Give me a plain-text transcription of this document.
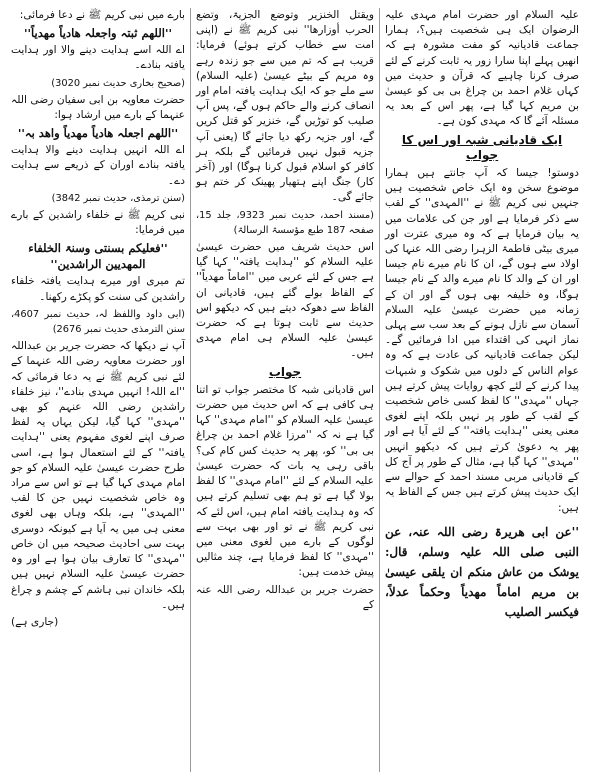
علیہ السلام اور حضرت امام مہدی علیہ الرضوان ایک ہی شخصیت ہیں؟، ہمارا جماعت قادیانیہ کو مفت مشورہ ہے کہ انھیں پہلے اپنا سارا زور یہ ثابت کرنے کے لئے صرف کرنا چاہیے کہ قرآن و حدیث میں کہاں غلام احمد بن چراغ بی بی کو عیسیٰ بن مریم کہا گیا ہے، پھر اس کے بعد یہ مسئلہ آئے گا کہ مہدی کون ہے۔

ایک قادیانی شبہ اور اس کا جواب

دوستو! جیسا کہ آپ جانتے ہیں ہمارا موضوع سخن وہ ایک خاص شخصیت ہیں جنہیں نبی کریم ﷺ نے ''المہدی'' کے لقب سے ذکر فرمایا ہے اور جن کی علامات میں یہ بیان فرمایا ہے کہ وہ میری عترت اور میری بیٹی فاطمۃ الزہرا رضی اللہ عنہا کی اولاد سے ہوں گے، ان کا نام میرے نام جیسا اور ان کے والد کا نام میرے والد کے نام جیسا ہوگا، وہ خلیفہ بھی ہوں گے اور ان کے زمانہ میں حضرت عیسیٰ علیہ السلام آسمان سے نازل ہونے کے بعد سب سے پہلی نماز انہی کی اقتداء میں ادا فرمائیں گے۔ لیکن جماعت قادیانیہ کی عادت ہے کہ وہ عوام الناس کے دلوں میں شکوک و شبہات پیدا کرنے کے لئے کچھ روایات پیش کرتے ہیں جہاں ''مہدی'' کا لفظ کسی خاص شخصیت کے لقب کے طور پر نہیں بلکہ اپنے لغوی معنی یعنی ''ہدایت یافتہ'' کے لئے آیا ہے اور پھر یہ دعویٰ کرتے ہیں کہ دیکھو انہیں ''مہدی'' کہا گیا ہے، مثال کے طور پر آج کل کے قادیانی مربی مسند احمد کے حوالے سے ایک حدیث پیش کرتے ہیں جس کے الفاظ یہ ہیں:

''عن ابی ھریرۃ رضی اللہ عنہ، عن النبی صلی اللہ علیہ وسلم، قال: یوشک من عاش منکم ان یلقی عیسیٰ بن مریم اماماً مھدیاً وحکماً عدلاً، فیکسر الصلیب

ویقتل الخنزیر وتوضع الجزیۃ، وتضع الحرب أوزارھا'' نبی کریم ﷺ نے (اپنی امت سے خطاب کرتے ہوئے) فرمایا: قریب ہے کہ تم میں سے جو زندہ رہے وہ مریم کے بیٹے عیسیٰ (علیہ السلام) سے ملے جو کہ ایک ہدایت یافتہ امام اور انصاف کرنے والے حاکم ہوں گے، پس آپ صلیب کو توڑیں گے، خنزیر کو قتل کریں گے، اور جزیہ رکھ دیا جائے گا (یعنی آپ جزیہ قبول نہیں فرمائیں گے بلکہ ہر کافر کو اسلام قبول کرنا ہوگا) اور (آخر کار) جنگ اپنے ہتھیار پھینک کر ختم ہو جائے گی۔

(مسند احمد، حدیث نمبر 9323، جلد 15، صفحہ 187 طبع مؤسسۃ الرسالۃ)

اس حدیث شریف میں حضرت عیسیٰ علیہ السلام کو ''ہدایت یافتہ'' کہا گیا ہے جس کے لئے عربی میں ''اماماً مھدیاً'' کے الفاظ بولے گئے ہیں، قادیانی ان الفاظ سے دھوکہ دیتے ہیں کہ دیکھو اس حدیث سے ثابت ہوتا ہے کہ حضرت عیسیٰ علیہ السلام ہی امام مہدی ہیں۔

جواب

اس قادیانی شبہ کا مختصر جواب تو اتنا ہی کافی ہے کہ اس حدیث میں حضرت عیسیٰ علیہ السلام کو ''امام مہدی'' کہا گیا ہے نہ کہ ''مرزا غلام احمد بن چراغ بی بی'' کو، پھر یہ حدیث کس کام کی؟ باقی رہی یہ بات کہ حضرت عیسیٰ علیہ السلام کے لئے ''امام مہدی'' کا لفظ بولا گیا ہے تو ہم بھی تسلیم کرتے ہیں کہ وہ ہدایت یافتہ امام ہیں، اس لئے کہ نبی کریم ﷺ نے تو اور بھی بہت سے لوگوں کے بارے میں لغوی معنی میں ''مہدی'' کا لفظ فرمایا ہے، چند مثالیں پیش خدمت ہیں:

حضرت جریر بن عبداللہ رضی اللہ عنہ کے

بارے میں نبی کریم ﷺ نے دعا فرمائی:

''اللھم ثبتہ واجعلہ ھادیاً مھدیاً''

اے اللہ اسے ہدایت دینے والا اور ہدایت یافتہ بنادے۔

(صحیح بخاری حدیث نمبر 3020)

حضرت معاویہ بن ابی سفیان رضی اللہ عنہما کے بارے میں ارشاد ہوا:

''اللھم اجعلہ ھادیاً مھدیاً واھد بہ''

اے اللہ انہیں ہدایت دینے والا ہدایت یافتہ بنادے اوران کے ذریعے سے ہدایت دے۔

(سنن ترمذی، حدیث نمبر 3842)

نبی کریم ﷺ نے خلفاء راشدین کے بارے میں فرمایا:

''فعلیکم بسنتی وسنۃ الخلفاء المھدیین الراشدین''

تم میری اور میرے ہدایت یافتہ خلفاء راشدین کی سنت کو پکڑے رکھنا۔

(ابی داود واللفظ لہ، حدیث نمبر 4607، سنن الترمذی حدیث نمبر 2676)

آپ نے دیکھا کہ حضرت جریر بن عبداللہ اور حضرت معاویہ رضی اللہ عنہما کے لئے نبی کریم ﷺ نے یہ دعا فرمائی کہ ''اے اللہ! انہیں مہدی بنادے''، نیز خلفاء راشدین رضی اللہ عنہم کو بھی ''مہدی'' کہا گیا، لیکن یہاں یہ لفظ صرف اپنے لغوی مفہوم یعنی ''ہدایت یافتہ'' کے لئے استعمال ہوا ہے، اسی طرح حضرت عیسیٰ علیہ السلام کو جو امام مہدی کہا گیا ہے تو اس سے مراد وہ خاص شخصیت نہیں جن کا لقب ''المہدی'' ہے، بلکہ وہاں بھی لغوی معنی ہی میں یہ آیا ہے کیونکہ دوسری بہت سی احادیث صحیحہ میں ان خاص ''مہدی'' کا تعارف بیان ہوا ہے اور وہ حضرت عیسیٰ علیہ السلام نہیں ہیں بلکہ خاندان نبی ہاشم کے چشم و چراغ ہیں۔

(جاری ہے)
